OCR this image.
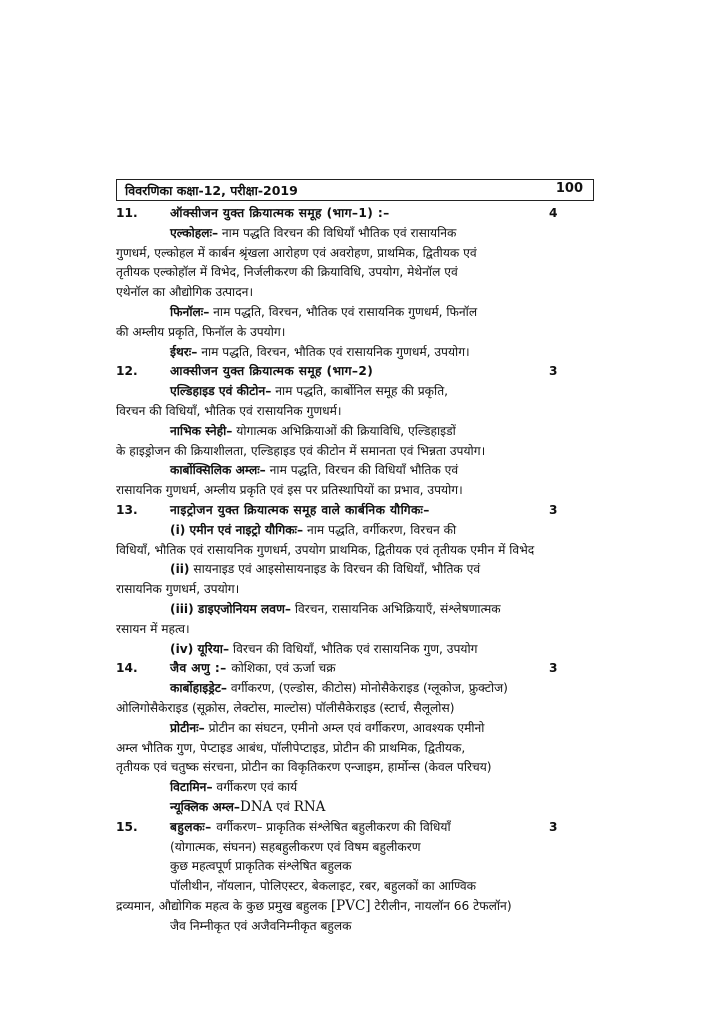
विवरणिका कक्षा-12, परीक्षा-2019	100
11.	ऑक्सीजन युक्त क्रियात्मक समूह (भाग–1) :–	4
एल्कोहलः– नाम पद्धति विरचन की विधियाँ भौतिक एवं रासायनिक
गुणधर्म, एल्कोहल में कार्बन श्रृंखला आरोहण एवं अवरोहण, प्राथमिक, द्वितीयक एवं
तृतीयक एल्कोहॉल में विभेद, निर्जलीकरण की क्रियाविधि, उपयोग, मेथेनॉल एवं
एथेनॉल का औद्योगिक उत्पादन।
फिनॉलः– नाम पद्धति, विरचन, भौतिक एवं रासायनिक गुणधर्म, फिनॉल
की अम्लीय प्रकृति, फिनॉल के उपयोग।
ईथरः– नाम पद्धति, विरचन, भौतिक एवं रासायनिक गुणधर्म, उपयोग।
12.	आक्सीजन युक्त क्रियात्मक समूह (भाग–2)	3
एल्डिहाइड एवं कीटोन– नाम पद्धति, कार्बोनिल समूह की प्रकृति,
विरचन की विधियाँ, भौतिक एवं रासायनिक गुणधर्म।
नाभिक स्नेही– योगात्मक अभिक्रियाओं की क्रियाविधि, एल्डिहाइडों
के हाइड्रोजन की क्रियाशीलता, एल्डिहाइड एवं कीटोन में समानता एवं भिन्नता उपयोग।
कार्बोक्सिलिक अम्लः– नाम पद्धति, विरचन की विधियाँ भौतिक एवं
रासायनिक गुणधर्म, अम्लीय प्रकृति एवं इस पर प्रतिस्थापियों का प्रभाव, उपयोग।
13.	नाइट्रोजन युक्त क्रियात्मक समूह वाले कार्बनिक यौगिकः–	3
(i) एमीन एवं नाइट्रो यौगिकः– नाम पद्धति, वर्गीकरण, विरचन की
विधियाँ, भौतिक एवं रासायनिक गुणधर्म, उपयोग प्राथमिक, द्वितीयक एवं तृतीयक एमीन में विभेद
(ii) सायनाइड एवं आइसोसायनाइड के विरचन की विधियाँ, भौतिक एवं
रासायनिक गुणधर्म, उपयोग।
(iii) डाइएजोनियम लवण– विरचन, रासायनिक अभिक्रियाएँ, संश्लेषणात्मक
रसायन में महत्व।
(iv) यूरिया– विरचन की विधियाँ, भौतिक एवं रासायनिक गुण, उपयोग
14.	जैव अणु :– कोशिका, एवं ऊर्जा चक्र	3
कार्बोहाइड्रेट– वर्गीकरण, (एल्डोस, कीटोस) मोनोसैकेराइड (ग्लूकोज, फ्रुक्टोज)
ओलिगोसैकेराइड (सूक्रोस, लेक्टोस, माल्टोस) पॉलीसैकेराइड (स्टार्च, सैलूलोस)
प्रोटीनः– प्रोटीन का संघटन, एमीनो अम्ल एवं वर्गीकरण, आवश्यक एमीनो
अम्ल भौतिक गुण, पेप्टाइड आबंध, पॉलीपेप्टाइड, प्रोटीन की प्राथमिक, द्वितीयक,
तृतीयक एवं चतुष्क संरचना, प्रोटीन का विकृतिकरण एन्जाइम, हार्मोन्स (केवल परिचय)
विटामिन– वर्गीकरण एवं कार्य
न्यूक्लिक अम्ल–DNA एवं RNA
15.	बहुलकः– वर्गीकरण– प्राकृतिक संश्लेषित बहुलीकरण की विधियाँ	3
(योगात्मक, संघनन) सहबहुलीकरण एवं विषम बहुलीकरण
कुछ महत्वपूर्ण प्राकृतिक संश्लेषित बहुलक
पॉलीथीन, नॉयलान, पोलिएस्टर, बेकलाइट, रबर, बहुलकों का आण्विक
द्रव्यमान, औद्योगिक महत्व के कुछ प्रमुख बहुलक [PVC] टेरीलीन, नायलॉन 66 टेफलॉन)
जैव निम्नीकृत एवं अजैवनिम्नीकृत बहुलक
